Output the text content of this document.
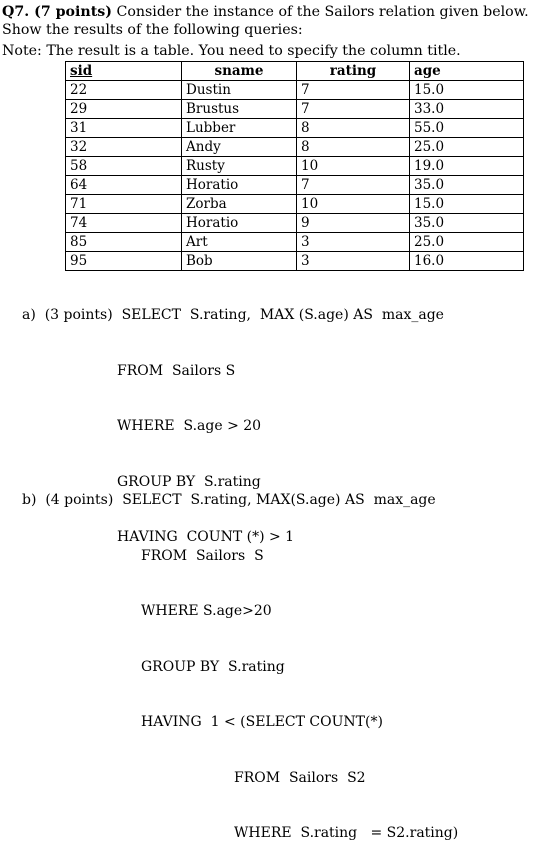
Q7. (7 points) Consider the instance of the Sailors relation given below. Show the results of the following queries:
Note: The result is a table. You need to specify the column title.
sid	sname	rating	age
22	Dustin	7	15.0
29	Brustus	7	33.0
31	Lubber	8	55.0
32	Andy	8	25.0
58	Rusty	10	19.0
64	Horatio	7	35.0
71	Zorba	10	15.0
74	Horatio	9	35.0
85	Art	3	25.0
95	Bob	3	16.0

a)  (3 points)  SELECT  S.rating,  MAX (S.age) AS  max_age

FROM  Sailors S

WHERE  S.age > 20

GROUP BY  S.rating

HAVING  COUNT (*) > 1

b)  (4 points)  SELECT  S.rating, MAX(S.age) AS  max_age

FROM  Sailors  S

WHERE S.age>20

GROUP BY  S.rating

HAVING  1 < (SELECT COUNT(*)

FROM  Sailors  S2

WHERE  S.rating   = S2.rating)
